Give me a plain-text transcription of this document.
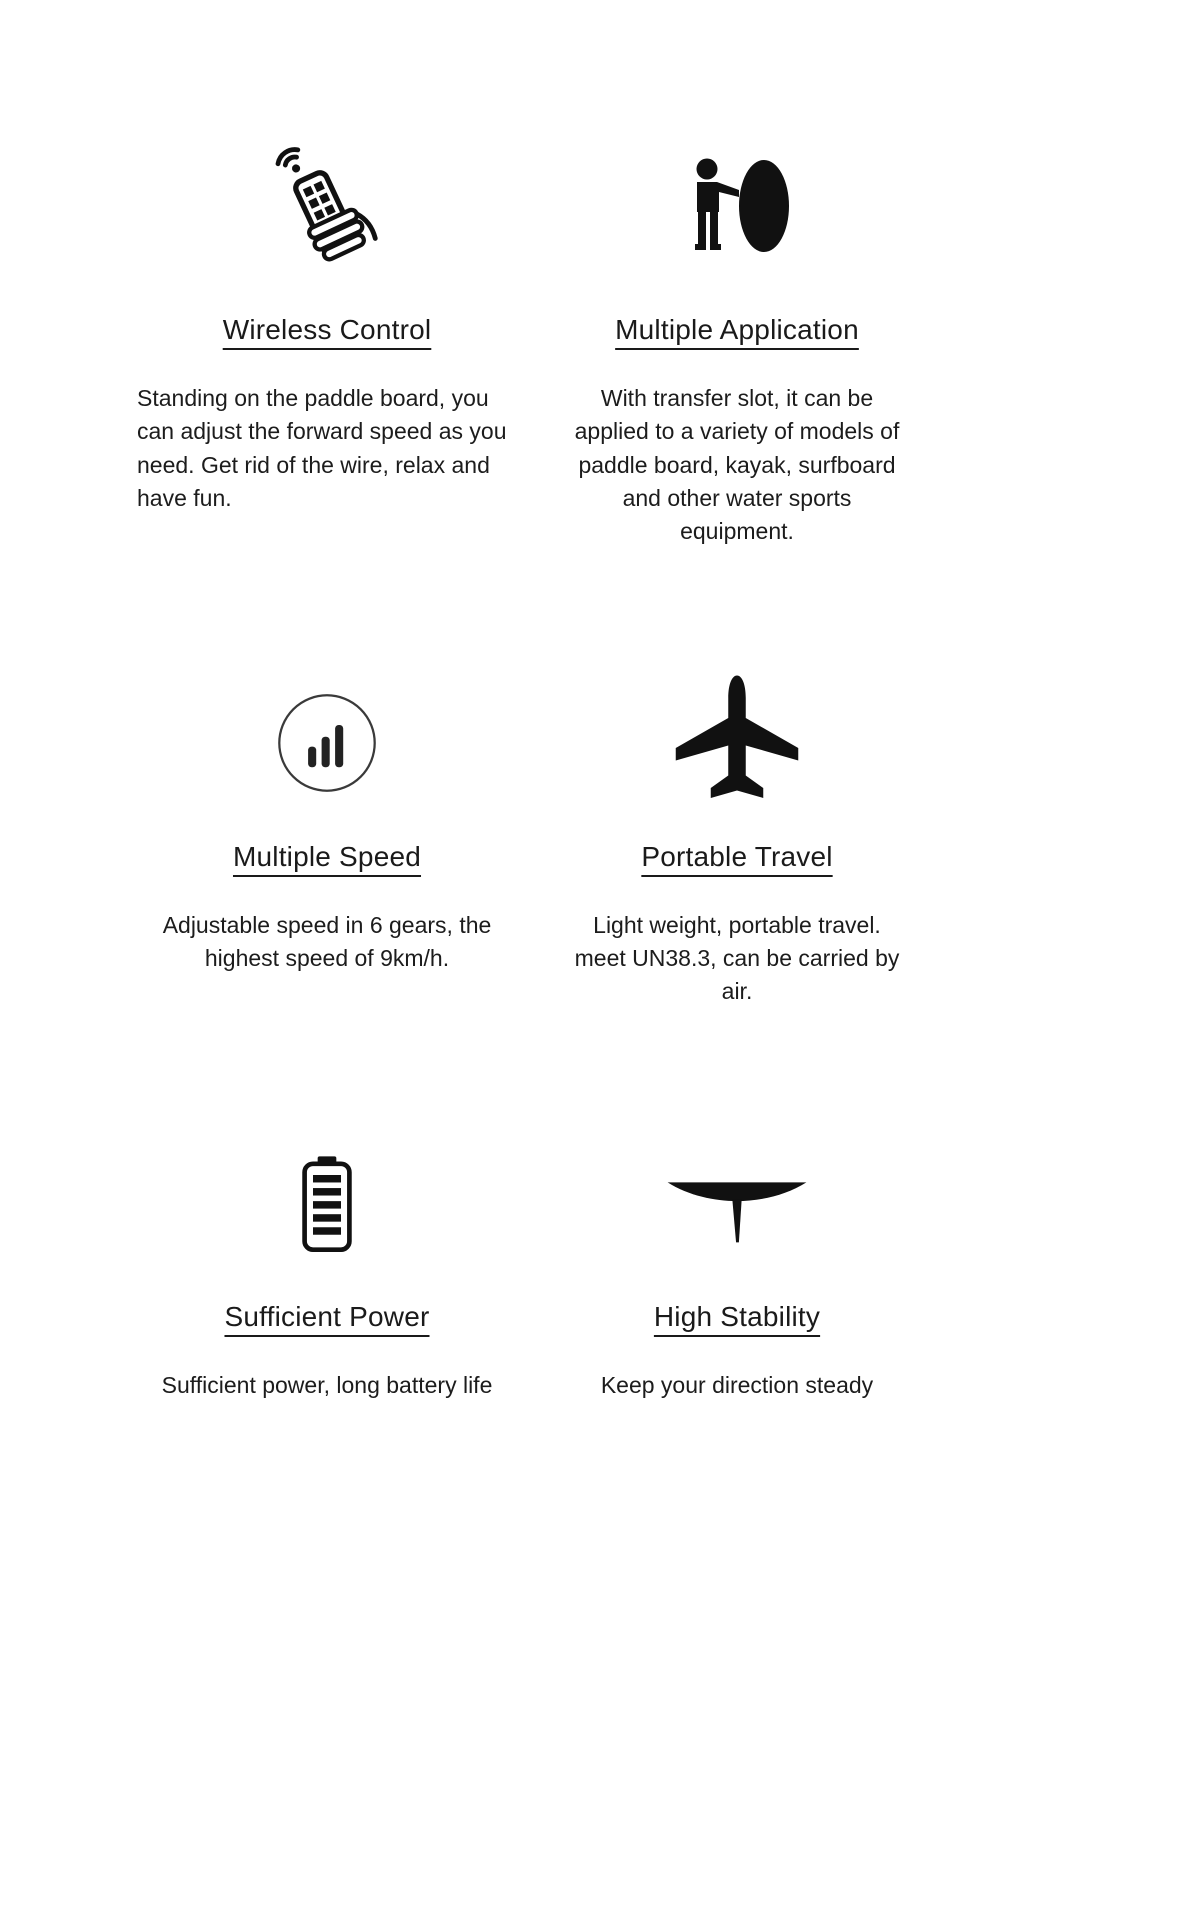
Wireless Control

Standing on the paddle board, you can adjust the forward speed as you need. Get rid of the wire, relax and have fun.

Multiple Application

With transfer slot, it can be applied to a variety of models of paddle board, kayak, surfboard and other water sports equipment.

Multiple Speed

Adjustable speed in 6 gears, the highest speed of 9km/h.

Portable Travel

Light weight, portable travel. meet UN38.3, can be carried by air.

Sufficient Power

Sufficient power, long battery life

High Stability

Keep your direction steady
